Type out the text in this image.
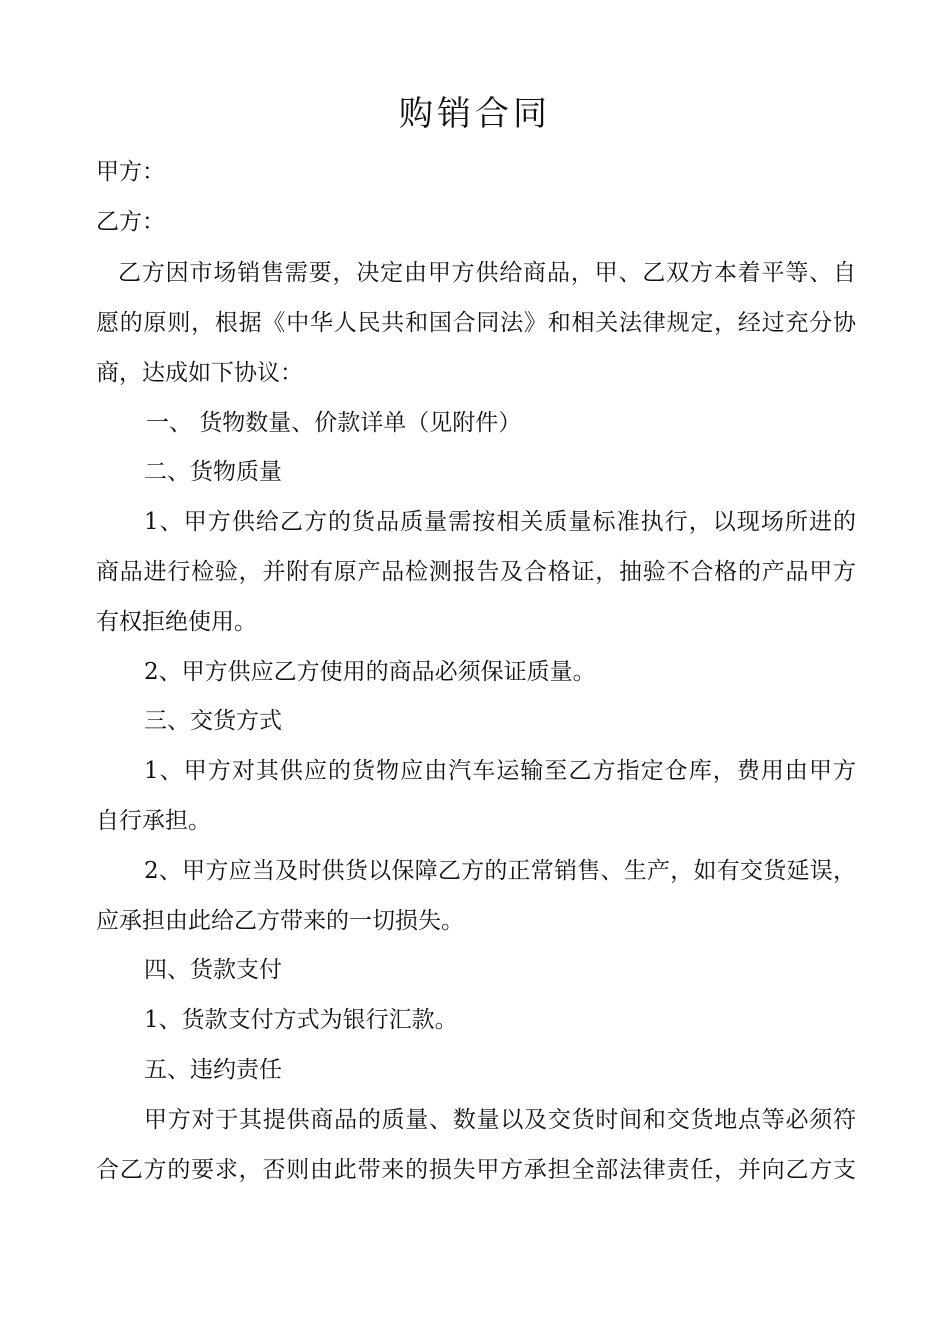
购销合同
甲方：
乙方：
乙方因市场销售需要，决定由甲方供给商品，甲、乙双方本着平等、自
愿的原则，根据《中华人民共和国合同法》和相关法律规定，经过充分协
商，达成如下协议：
一、 货物数量、价款详单（见附件）
二、货物质量
1、甲方供给乙方的货品质量需按相关质量标准执行，以现场所进的
商品进行检验，并附有原产品检测报告及合格证，抽验不合格的产品甲方
有权拒绝使用。
2、甲方供应乙方使用的商品必须保证质量。
三、交货方式
1、甲方对其供应的货物应由汽车运输至乙方指定仓库，费用由甲方
自行承担。
2、甲方应当及时供货以保障乙方的正常销售、生产，如有交货延误，
应承担由此给乙方带来的一切损失。
四、货款支付
1、货款支付方式为银行汇款。
五、违约责任
甲方对于其提供商品的质量、数量以及交货时间和交货地点等必须符
合乙方的要求，否则由此带来的损失甲方承担全部法律责任，并向乙方支
